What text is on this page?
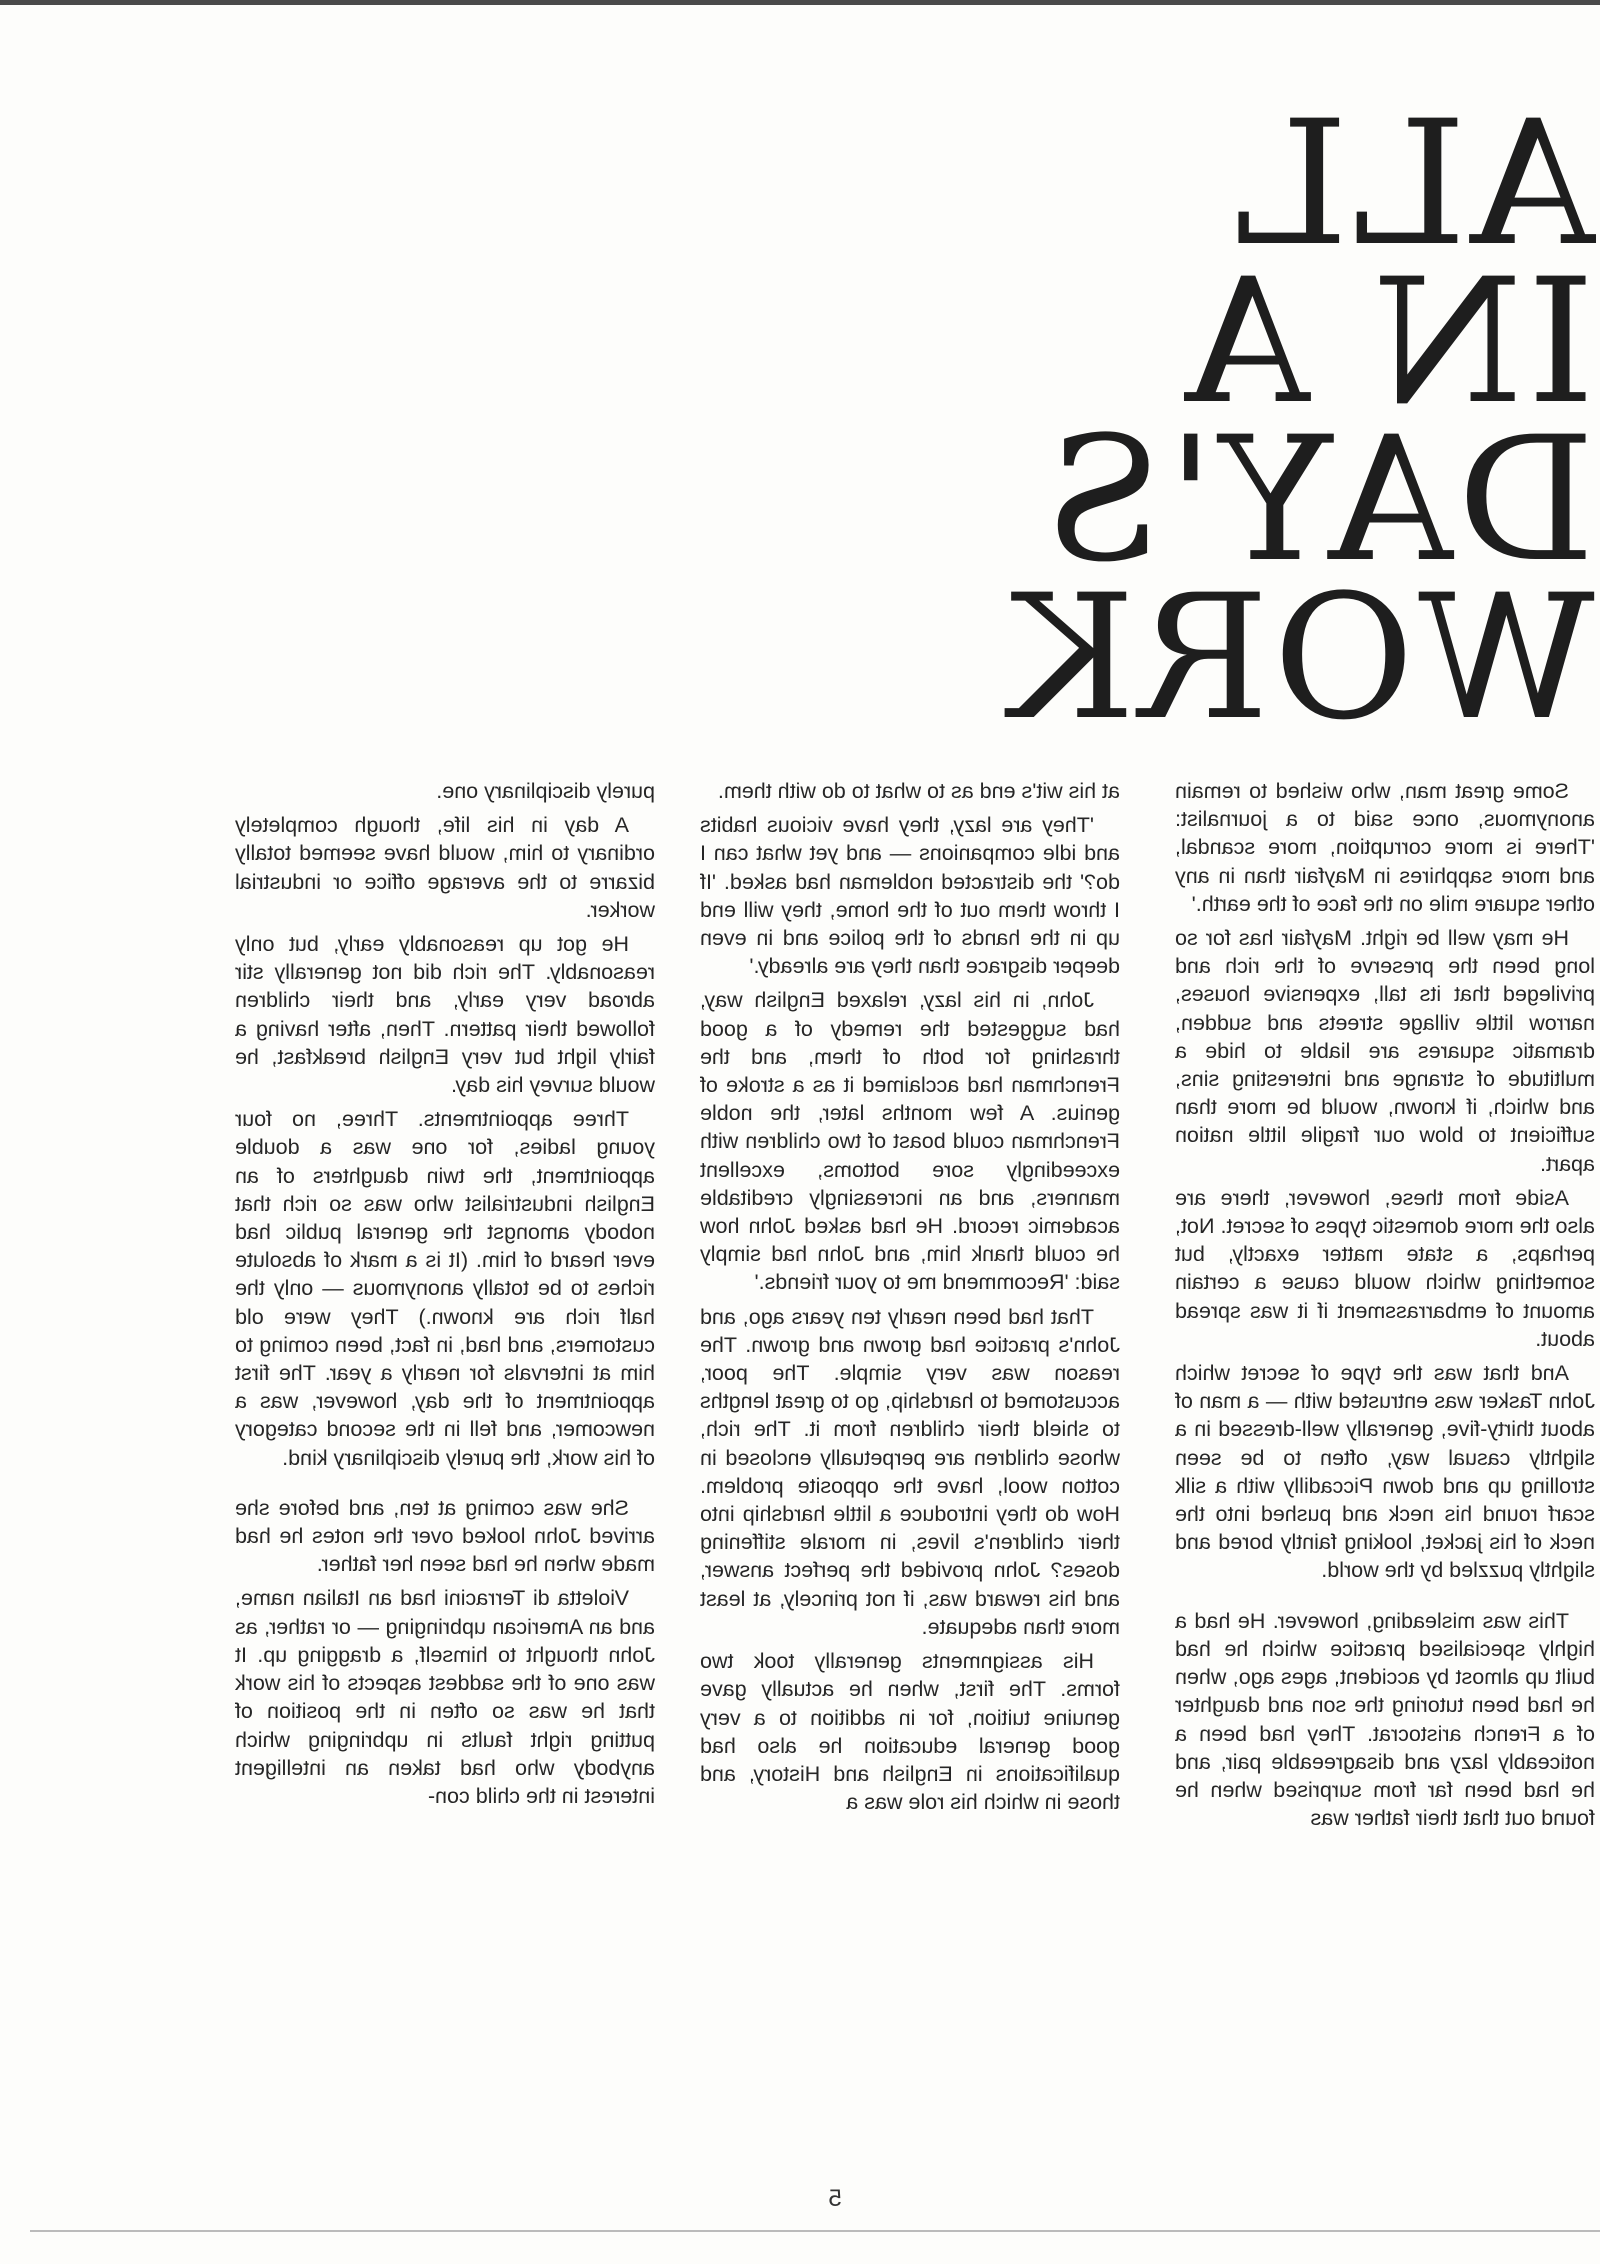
ALL
IN A
DAY'S
WORK

Some great man, who wished to remain anonymous, once said to a journalist: 'There is more corruption, more scandal, and more sapphires in Mayfair than in any other square mile on the face of the earth.'

He may well be right. Mayfair has for so long been the preserve of the rich and privileged that its tall, expensive houses, narrow little village streets and sudden, dramatic squares are liable to hide a multitude of strange and interesting sins, and which, if known, would be more than sufficient to blow our fragile little nation apart.

Aside from these, however, there are also the more domestic types of secret. Not, perhaps, a state matter exactly, but something which would cause a certain amount of embarrassment if it was spread about.

And that was the type of secret which John Tasker was entrusted with — a man of about thirty-five, generally well-dressed in a slightly casual way, often to be seen strolling up and down Piccadilly with a silk scarf round his neck and pushed into the neck of his jacket, looking faintly bored and slightly puzzled by the world.

This was misleading, however. He had a highly specialised practice which he had built up almost by accident, ages ago, when he had been tutoring the son and daughter of a French aristocrat. They had been a noticeably lazy and disagreeable pair, and he had been far from surprised when he found out that their father was

at his wit's end as to what to do with them.

'They are lazy, they have vicious habits and idle companions — and yet what can I do?' the distracted nobleman had asked. 'If I throw them out of the home, they will end up in the hands of the police and in even deeper disgrace than they are already.'

John, in his lazy, relaxed English way, had suggested the remedy of a good thrashing for both of them, and the Frenchman had acclaimed it as a stroke of genius. A few months later, the noble Frenchman could boast of two children with exceedingly sore bottoms, excellent manners, and an increasingly creditable academic record. He had asked John how he could thank him, and John had simply said: 'Recommend me to your friends.'

That had been nearly ten years ago, and John's practice had grown and grown. The reason was very simple. The poor, accustomed to hardship, go to great lengths to shield their children from it. The rich, whose children are perpetually enclosed in cotton wool, have the opposite problem. How do they introduce a little hardship into their children's lives, in morale stiffening doses? John provided the perfect answer, and his reward was, if not princely, at least more than adequate.

His assignments generally took two forms. The first, when he actually gave genuine tuition, for in addition to a very good general education he also had qualifications in English and History, and those in which his role was a

purely disciplinary one.

A day in his life, though completely ordinary to him, would have seemed totally bizarre to the average office or industrial worker.

He got up reasonably early, but only reasonably. The rich did not generally stir abroad very early, and their children followed their pattern. Then, after having a fairly light but very English breakfast, he would survey his day.

Three appointments. Three, no four young ladies, for one was a double appointment, the twin daughters of an English industrialist who was so rich that nobody amongst the general public had ever heard of him. (It is a mark of absolute riches to be totally anonymous — only the half rich are known.) They were old customers, and had, in fact, been coming to him at intervals for nearly a year. The first appointment of the day, however, was a newcomer, and fell in the second category of his work, the purely disciplinary kind.

She was coming at ten, and before she arrived John looked over the notes he had made when he had seen her father.

Violetta di Terracini had an Italian name, and an American upbringing — or rather, as John thought to himself, a dragging up. It was one of the saddest aspects of his work that he was so often in the position of putting right faults in upbringing which anybody who had taken an intelligent interest in the child con-

5
